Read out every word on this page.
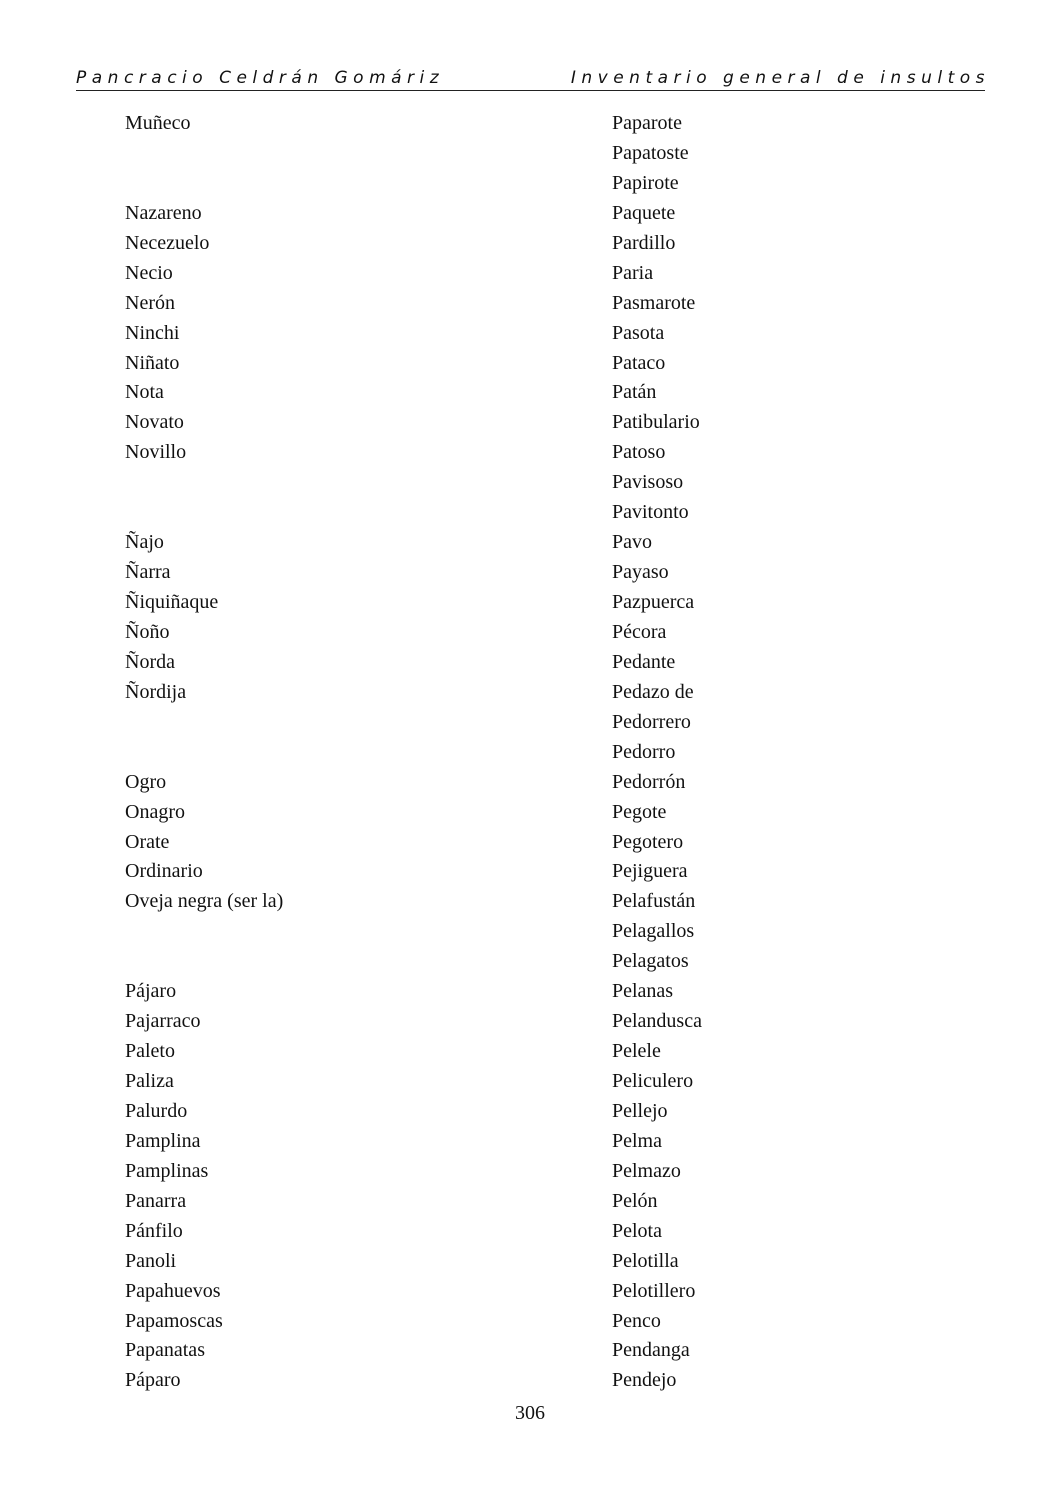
Pancracio Celdrán Gomáriz	Inventario general de insultos
Muñeco
Nazareno
Necezuelo
Necio
Nerón
Ninchi
Niñato
Nota
Novato
Novillo
Ñajo
Ñarra
Ñiquiñaque
Ñoño
Ñorda
Ñordija
Ogro
Onagro
Orate
Ordinario
Oveja negra (ser la)
Pájaro
Pajarraco
Paleto
Paliza
Palurdo
Pamplina
Pamplinas
Panarra
Pánfilo
Panoli
Papahuevos
Papamoscas
Papanatas
Páparo
Paparote
Papatoste
Papirote
Paquete
Pardillo
Paria
Pasmarote
Pasota
Pataco
Patán
Patibulario
Patoso
Pavisoso
Pavitonto
Pavo
Payaso
Pazpuerca
Pécora
Pedante
Pedazo de
Pedorrero
Pedorro
Pedorrón
Pegote
Pegotero
Pejiguera
Pelafustán
Pelagallos
Pelagatos
Pelanas
Pelandusca
Pelele
Peliculero
Pellejo
Pelma
Pelmazo
Pelón
Pelota
Pelotilla
Pelotillero
Penco
Pendanga
Pendejo
306
